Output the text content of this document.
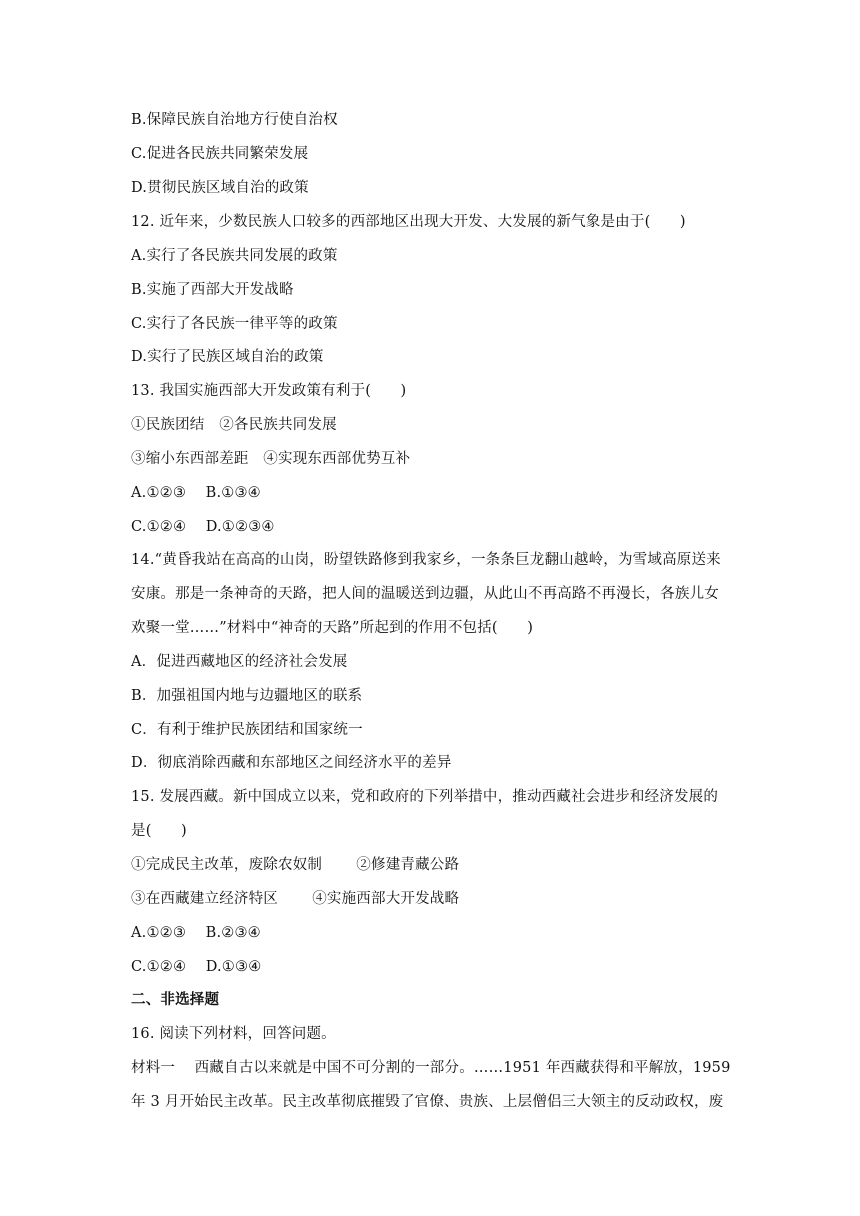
B.保障民族自治地方行使自治权
C.促进各民族共同繁荣发展
D.贯彻民族区域自治的政策
12. 近年来，少数民族人口较多的西部地区出现大开发、大发展的新气象是由于(　　)
A.实行了各民族共同发展的政策
B.实施了西部大开发战略
C.实行了各民族一律平等的政策
D.实行了民族区域自治的政策
13. 我国实施西部大开发政策有利于(　　)
①民族团结　②各民族共同发展
③缩小东西部差距　④实现东西部优势互补
A.①②③　 B.①③④
C.①②④　 D.①②③④
14.“黄昏我站在高高的山岗，盼望铁路修到我家乡，一条条巨龙翻山越岭，为雪域高原送来
安康。那是一条神奇的天路，把人间的温暖送到边疆，从此山不再高路不再漫长，各族儿女
欢聚一堂……”材料中“神奇的天路”所起到的作用不包括(　　)
A．促进西藏地区的经济社会发展
B．加强祖国内地与边疆地区的联系
C．有利于维护民族团结和国家统一
D．彻底消除西藏和东部地区之间经济水平的差异
15. 发展西藏。新中国成立以来，党和政府的下列举措中，推动西藏社会进步和经济发展的
是(　　)
①完成民主改革，废除农奴制　　 ②修建青藏公路
③在西藏建立经济特区　　 ④实施西部大开发战略
A.①②③　 B.②③④
C.①②④　 D.①③④
二、非选择题
16. 阅读下列材料，回答问题。
材料一　 西藏自古以来就是中国不可分割的一部分。……1951 年西藏获得和平解放，1959
年 3 月开始民主改革。民主改革彻底摧毁了官僚、贵族、上层僧侣三大领主的反动政权，废
